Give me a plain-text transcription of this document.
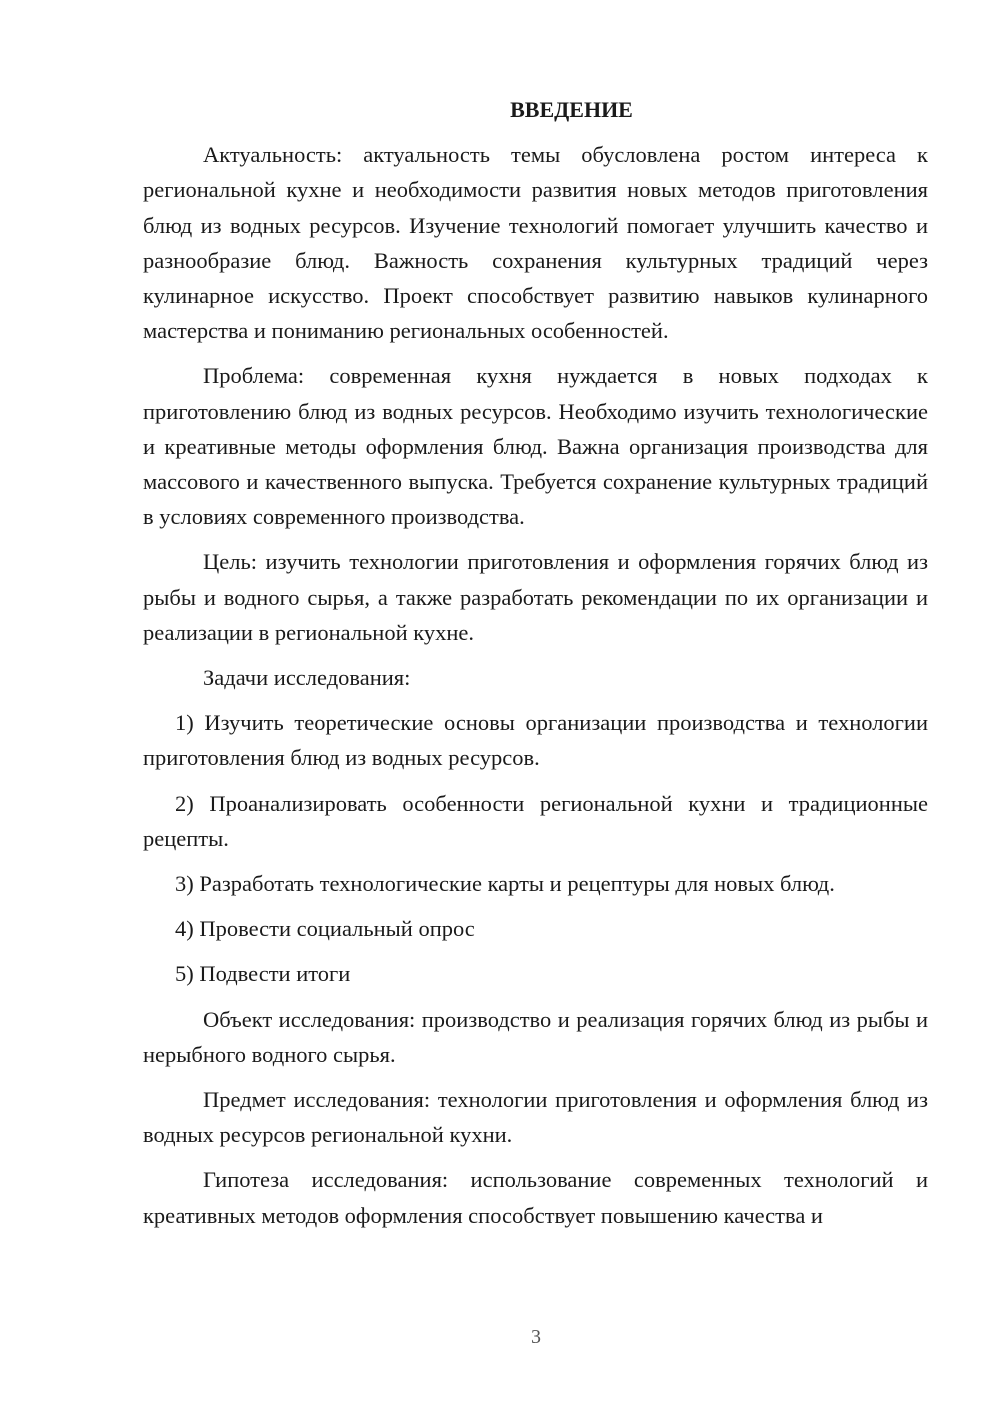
ВВЕДЕНИЕ

Актуальность: актуальность темы обусловлена ростом интереса к региональной кухне и необходимости развития новых методов приготовления блюд из водных ресурсов. Изучение технологий помогает улучшить качество и разнообразие блюд. Важность сохранения культурных традиций через кулинарное искусство. Проект способствует развитию навыков кулинарного мастерства и пониманию региональных особенностей.

Проблема: современная кухня нуждается в новых подходах к приготовлению блюд из водных ресурсов. Необходимо изучить технологические и креативные методы оформления блюд. Важна организация производства для массового и качественного выпуска. Требуется сохранение культурных традиций в условиях современного производства.

Цель: изучить технологии приготовления и оформления горячих блюд из рыбы и водного сырья, а также разработать рекомендации по их организации и реализации в региональной кухне.

Задачи исследования:

1) Изучить теоретические основы организации производства и технологии приготовления блюд из водных ресурсов.

2) Проанализировать особенности региональной кухни и традиционные рецепты.

3) Разработать технологические карты и рецептуры для новых блюд.

4) Провести социальный опрос

5) Подвести итоги

Объект исследования: производство и реализация горячих блюд из рыбы и нерыбного водного сырья.

Предмет исследования: технологии приготовления и оформления блюд из водных ресурсов региональной кухни.

Гипотеза исследования: использование современных технологий и креативных методов оформления способствует повышению качества и

3
